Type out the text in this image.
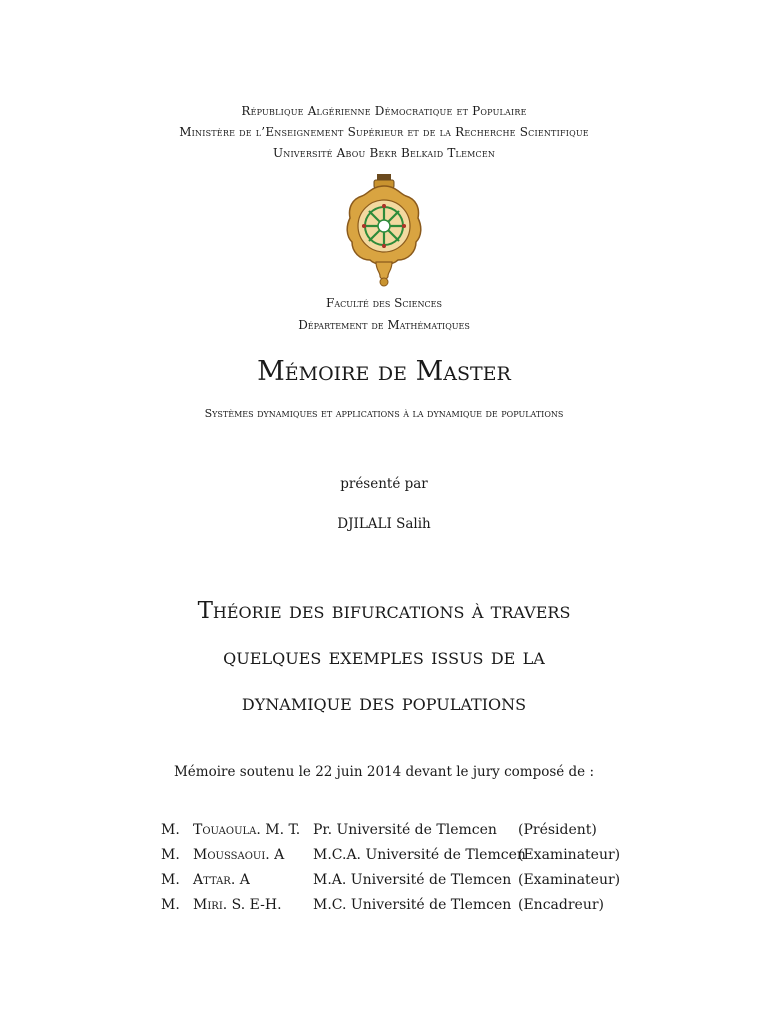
République Algérienne Démocratique et Populaire
Ministère de l’Enseignement Supérieur et de la Recherche Scientifique
Université Abou Bekr Belkaid Tlemcen
Faculté des Sciences
Département de Mathématiques
Mémoire de Master
Systèmes dynamiques et applications à la dynamique de populations
présenté par
DJILALI Salih
Théorie des bifurcations à travers
quelques exemples issus de la
dynamique des populations
Mémoire soutenu le 22 juin 2014 devant le jury composé de :
M. Touaoula. M. T. Pr. Université de Tlemcen (Président)
M. Moussaoui. A M.C.A. Université de Tlemcen
(Examinateur)
M. Attar. A	M.A. Université de Tlemcen (Examinateur)
M. Miri. S. E-H. M.C. Université de Tlemcen (Encadreur)
